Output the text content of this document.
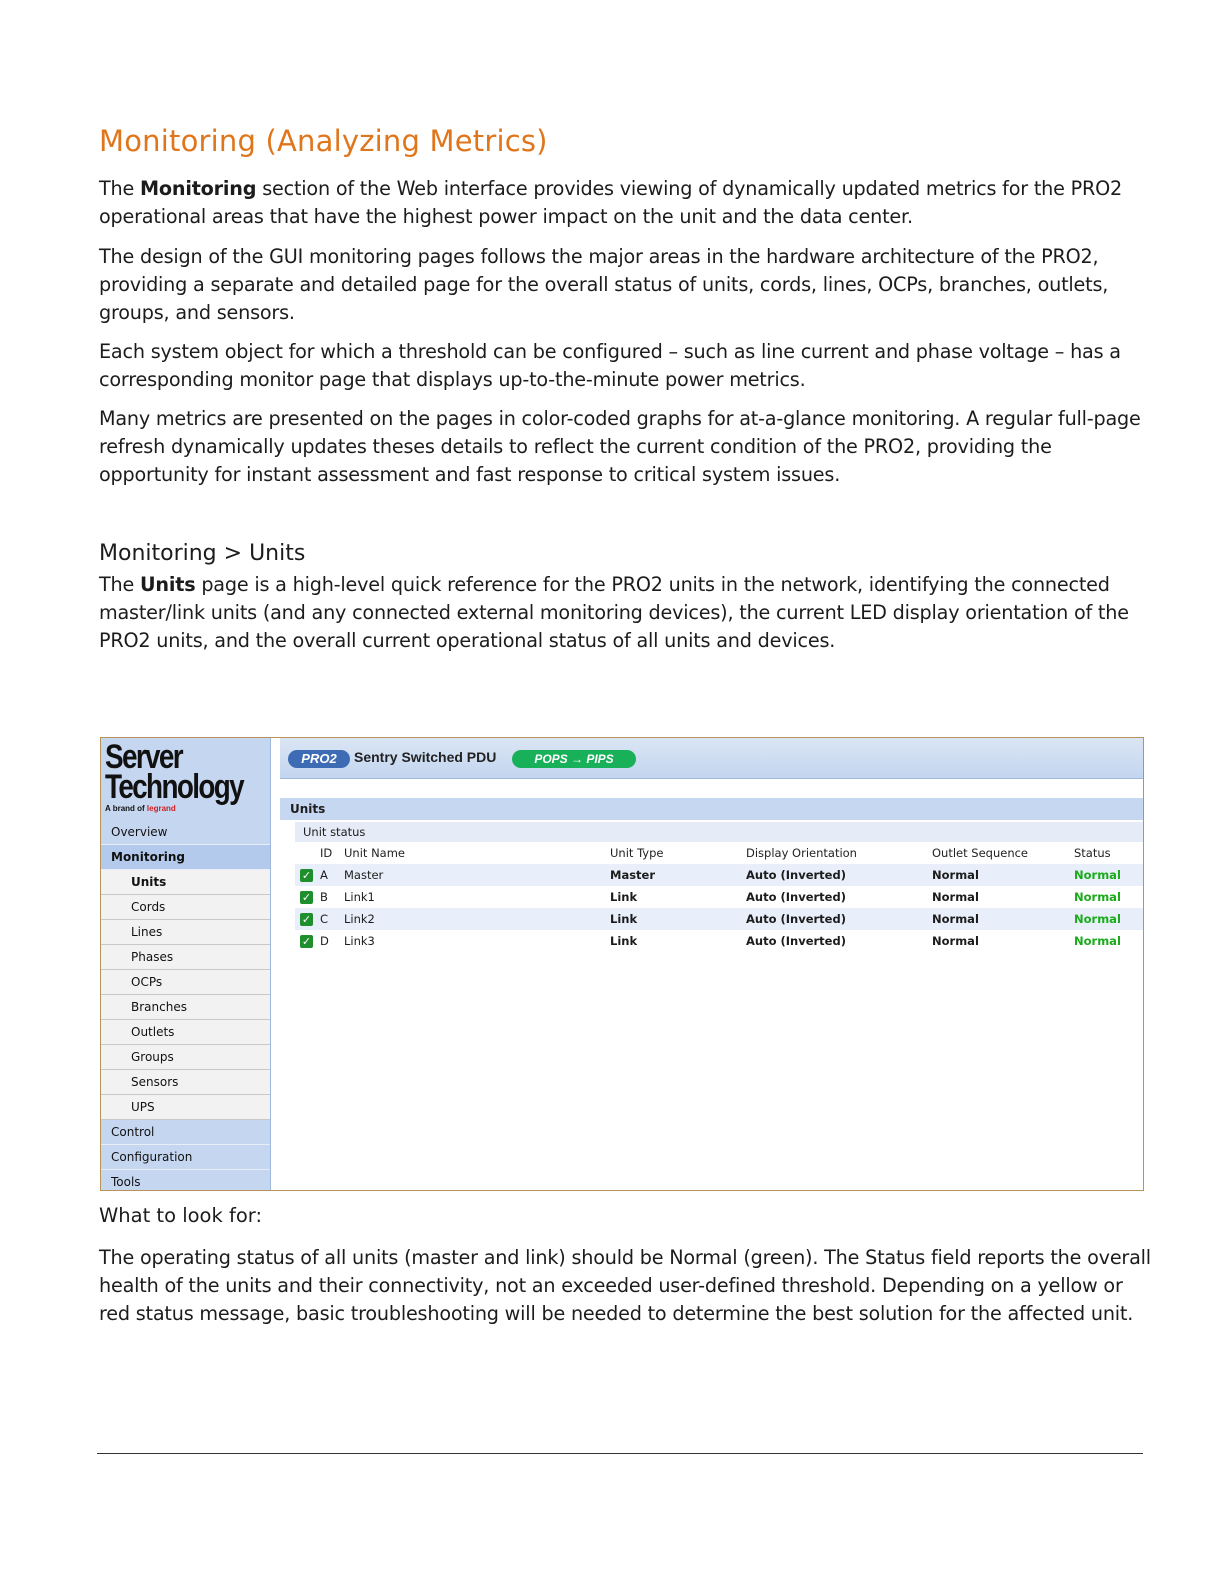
Monitoring (Analyzing Metrics)

The Monitoring section of the Web interface provides viewing of dynamically updated metrics for the PRO2 operational areas that have the highest power impact on the unit and the data center.

The design of the GUI monitoring pages follows the major areas in the hardware architecture of the PRO2, providing a separate and detailed page for the overall status of units, cords, lines, OCPs, branches, outlets, groups, and sensors.

Each system object for which a threshold can be configured – such as line current and phase voltage – has a corresponding monitor page that displays up-to-the-minute power metrics.

Many metrics are presented on the pages in color-coded graphs for at-a-glance monitoring. A regular full-page refresh dynamically updates theses details to reflect the current condition of the PRO2, providing the opportunity for instant assessment and fast response to critical system issues.

Monitoring > Units

The Units page is a high-level quick reference for the PRO2 units in the network, identifying the connected master/link units (and any connected external monitoring devices), the current LED display orientation of the PRO2 units, and the overall current operational status of all units and devices.

Server
Technology
A brand of legrand
Overview
Monitoring
Units
Cords
Lines
Phases
OCPs
Branches
Outlets
Groups
Sensors
UPS
Control
Configuration
Tools
PRO2	Sentry Switched PDU	POPS → PIPS
Units
Unit status
	ID	Unit Name	Unit Type	Display Orientation	Outlet Sequence	Status
✓	A	Master	Master	Auto (Inverted)	Normal	Normal
✓	B	Link1	Link	Auto (Inverted)	Normal	Normal
✓	C	Link2	Link	Auto (Inverted)	Normal	Normal
✓	D	Link3	Link	Auto (Inverted)	Normal	Normal
What to look for:

The operating status of all units (master and link) should be Normal (green). The Status field reports the overall health of the units and their connectivity, not an exceeded user-defined threshold. Depending on a yellow or red status message, basic troubleshooting will be needed to determine the best solution for the affected unit.
